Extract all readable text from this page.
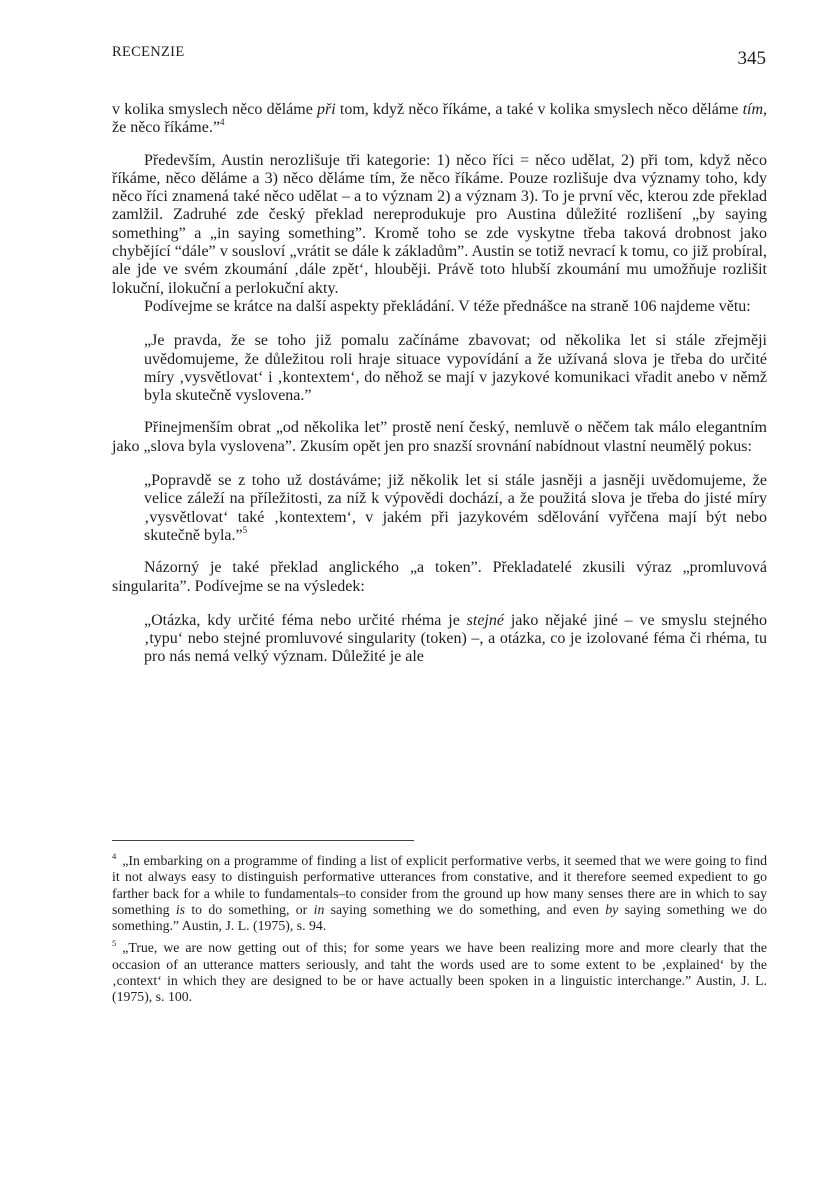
RECENZIE	345

v kolika smyslech něco děláme při tom, když něco říkáme, a také v kolika smyslech něco děláme tím, že něco říkáme.”$^4$

Především, Austin nerozlišuje tři kategorie: 1) něco říci = něco udělat, 2) při tom, když něco říkáme, něco děláme a 3) něco děláme tím, že něco říkáme. Pouze rozlišuje dva významy toho, kdy něco říci znamená také něco udělat – a to význam 2) a význam 3). To je první věc, kterou zde překlad zamlžil. Zadruhé zde český překlad nereprodukuje pro Austina důležité rozlišení „by saying something” a „in saying something”. Kromě toho se zde vyskytne třeba taková drobnost jako chybějící “dále” v sousloví „vrátit se dále k základům”. Austin se totiž nevrací k tomu, co již probíral, ale jde ve svém zkoumání ‚dále zpět‘, hlouběji. Právě toto hlubší zkoumání mu umožňuje rozlišit lokuční, ilokuční a perlokuční akty.

Podívejme se krátce na další aspekty překládání. V téže přednášce na straně 106 najdeme větu:

„Je pravda, že se toho již pomalu začínáme zbavovat; od několika let si stále zřejměji uvědomujeme, že důležitou roli hraje situace vypovídání a že užívaná slova je třeba do určité míry ‚vysvětlovat‘ i ‚kontextem‘, do něhož se mají v jazykové komunikaci vřadit anebo v němž byla skutečně vyslovena.”

Přinejmenším obrat „od několika let” prostě není český, nemluvě o něčem tak málo elegantním jako „slova byla vyslovena”. Zkusím opět jen pro snazší srovnání nabídnout vlastní neumělý pokus:

„Popravdě se z toho už dostáváme; již několik let si stále jasněji a jasněji uvědomujeme, že velice záleží na příležitosti, za níž k výpovědi dochází, a že použitá slova je třeba do jisté míry ‚vysvětlovat‘ také ‚kontextem‘, v jakém při jazykovém sdělování vyřčena mají být nebo skutečně byla.”$^5$

Názorný je také překlad anglického „a token”. Překladatelé zkusili výraz „promluvová singularita”. Podívejme se na výsledek:

„Otázka, kdy určité féma nebo určité rhéma je stejné jako nějaké jiné – ve smyslu stejného ‚typu‘ nebo stejné promluvové singularity (token) –, a otázka, co je izolované féma či rhéma, tu pro nás nemá velký význam. Důležité je ale

$^4$ „In embarking on a programme of finding a list of explicit performative verbs, it seemed that we were going to find it not always easy to distinguish performative utterances from constative, and it therefore seemed expedient to go farther back for a while to fundamentals–to consider from the ground up how many senses there are in which to say something is to do something, or in saying something we do something, and even by saying something we do something.” Austin, J. L. (1975), s. 94.

$^5$ „True, we are now getting out of this; for some years we have been realizing more and more clearly that the occasion of an utterance matters seriously, and taht the words used are to some extent to be ‚explained‘ by the ‚context‘ in which they are designed to be or have actually been spoken in a linguistic interchange.” Austin, J. L. (1975), s. 100.
